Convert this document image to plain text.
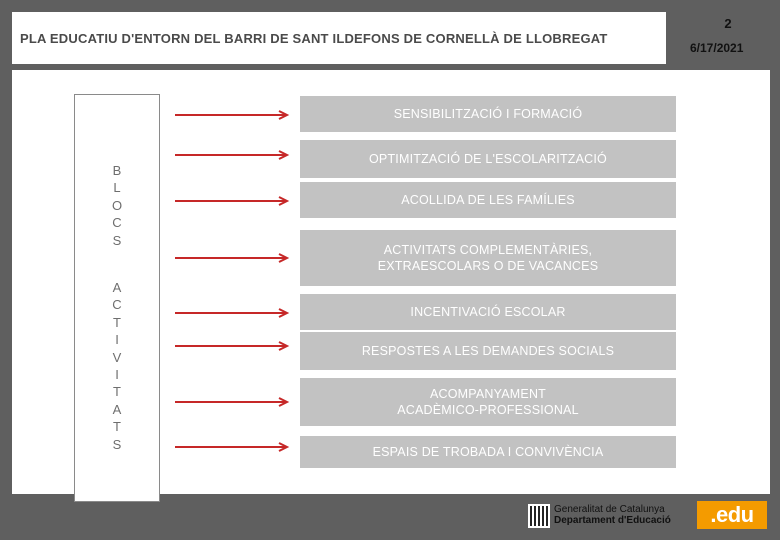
PLA EDUCATIU D'ENTORN DEL BARRI DE SANT ILDEFONS DE CORNELLÀ DE LLOBREGAT
2
6/17/2021
B
L
O
C
S
A
C
T
I
V
I
T
A
T
S
SENSIBILITZACIÓ I FORMACIÓ
OPTIMITZACIÓ DE L'ESCOLARITZACIÓ
ACOLLIDA DE LES FAMÍLIES
ACTIVITATS COMPLEMENTÀRIES,
EXTRAESCOLARS O DE VACANCES
INCENTIVACIÓ ESCOLAR
RESPOSTES A LES DEMANDES SOCIALS
ACOMPANYAMENT
ACADÈMICO-PROFESSIONAL
ESPAIS DE TROBADA I CONVIVÈNCIA
Generalitat de Catalunya
Departament d'Educació	.edu
